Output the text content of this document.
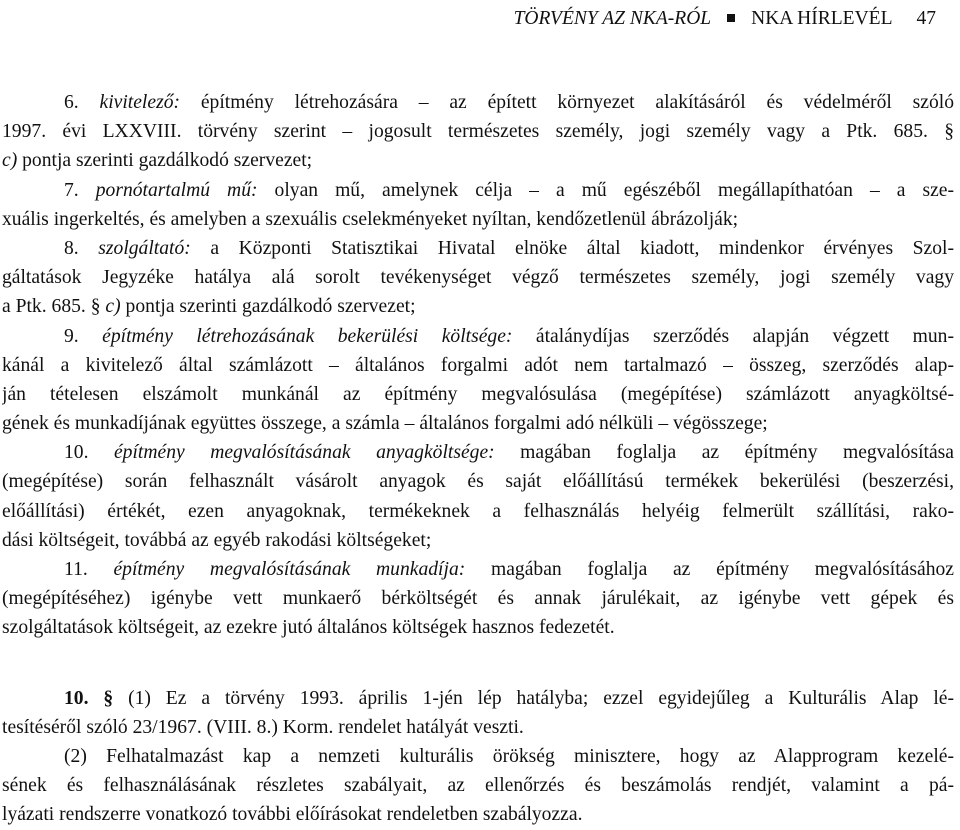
TÖRVÉNY AZ NKA-RÓL NKA HÍRLEVÉL 47
6. kivitelező: építmény létrehozására – az épített környezet alakításáról és védelméről szóló
1997. évi LXXVIII. törvény szerint – jogosult természetes személy, jogi személy vagy a Ptk. 685. §
c) pontja szerinti gazdálkodó szervezet;
7. pornótartalmú mű: olyan mű, amelynek célja – a mű egészéből megállapíthatóan – a sze-
xuális ingerkeltés, és amelyben a szexuális cselekményeket nyíltan, kendőzetlenül ábrázolják;
8. szolgáltató: a Központi Statisztikai Hivatal elnöke által kiadott, mindenkor érvényes Szol-
gáltatások Jegyzéke hatálya alá sorolt tevékenységet végző természetes személy, jogi személy vagy
a Ptk. 685. § c) pontja szerinti gazdálkodó szervezet;
9. építmény létrehozásának bekerülési költsége: átalánydíjas szerződés alapján végzett mun-
kánál a kivitelező által számlázott – általános forgalmi adót nem tartalmazó – összeg, szerződés alap-
ján tételesen elszámolt munkánál az építmény megvalósulása (megépítése) számlázott anyagköltsé-
gének és munkadíjának együttes összege, a számla – általános forgalmi adó nélküli – végösszege;
10. építmény megvalósításának anyagköltsége: magában foglalja az építmény megvalósítása
(megépítése) során felhasznált vásárolt anyagok és saját előállítású termékek bekerülési (beszerzési,
előállítási) értékét, ezen anyagoknak, termékeknek a felhasználás helyéig felmerült szállítási, rako-
dási költségeit, továbbá az egyéb rakodási költségeket;
11. építmény megvalósításának munkadíja: magában foglalja az építmény megvalósításához
(megépítéséhez) igénybe vett munkaerő bérköltségét és annak járulékait, az igénybe vett gépek és
szolgáltatások költségeit, az ezekre jutó általános költségek hasznos fedezetét.
10. § (1) Ez a törvény 1993. április 1-jén lép hatályba; ezzel egyidejűleg a Kulturális Alap lé-
tesítéséről szóló 23/1967. (VIII. 8.) Korm. rendelet hatályát veszti.
(2) Felhatalmazást kap a nemzeti kulturális örökség minisztere, hogy az Alapprogram kezelé-
sének és felhasználásának részletes szabályait, az ellenőrzés és beszámolás rendjét, valamint a pá-
lyázati rendszerre vonatkozó további előírásokat rendeletben szabályozza.
